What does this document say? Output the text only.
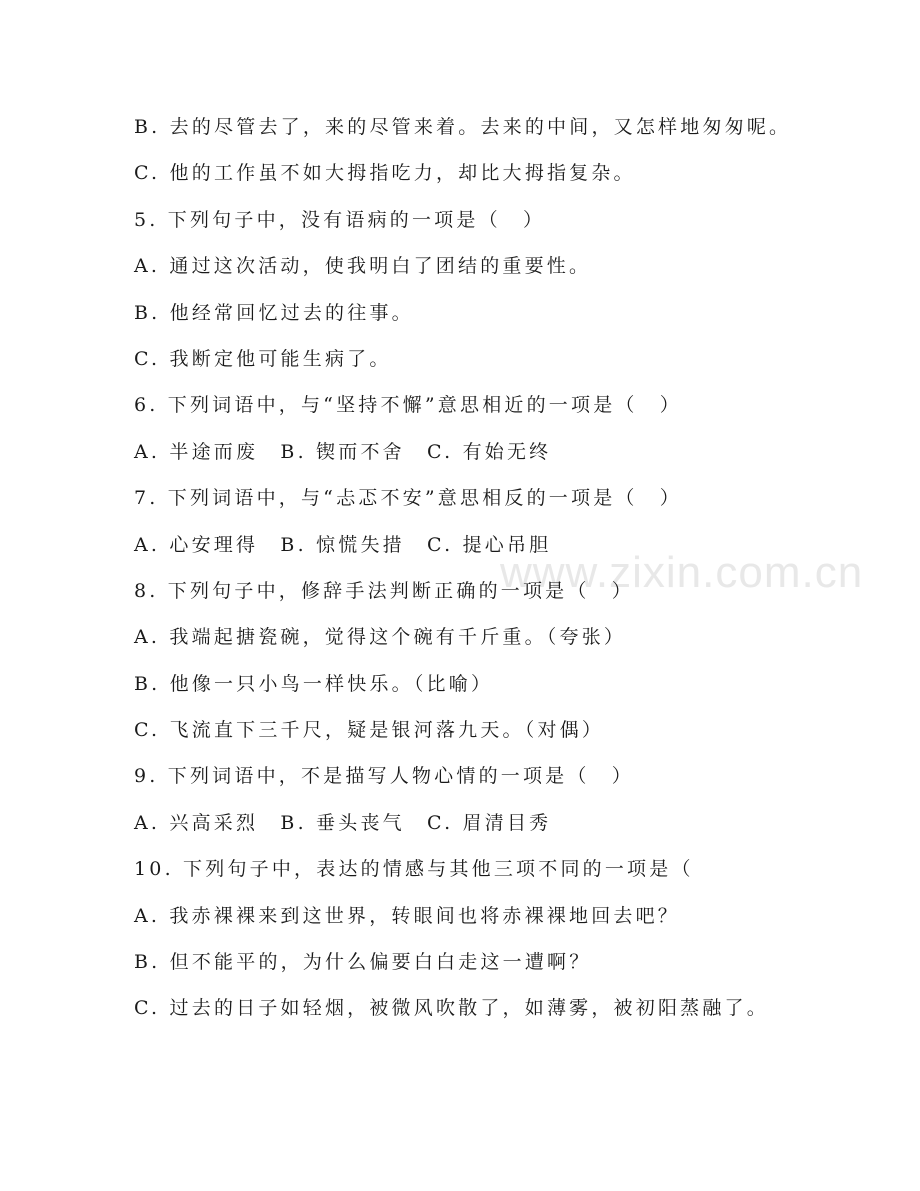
www.zixin.com.cn
B. 去的尽管去了，来的尽管来着。去来的中间，又怎样地匆匆呢。
C. 他的工作虽不如大拇指吃力，却比大拇指复杂。
5. 下列句子中，没有语病的一项是（　）
A. 通过这次活动，使我明白了团结的重要性。
B. 他经常回忆过去的往事。
C. 我断定他可能生病了。
6. 下列词语中，与“坚持不懈”意思相近的一项是（　）
A. 半途而废　B. 锲而不舍　C. 有始无终
7. 下列词语中，与“忐忑不安”意思相反的一项是（　）
A. 心安理得　B. 惊慌失措　C. 提心吊胆
8. 下列句子中，修辞手法判断正确的一项是（　）
A. 我端起搪瓷碗，觉得这个碗有千斤重。（夸张）
B. 他像一只小鸟一样快乐。（比喻）
C. 飞流直下三千尺，疑是银河落九天。（对偶）
9. 下列词语中，不是描写人物心情的一项是（　）
A. 兴高采烈　B. 垂头丧气　C. 眉清目秀
10. 下列句子中，表达的情感与其他三项不同的一项是（
A. 我赤裸裸来到这世界，转眼间也将赤裸裸地回去吧？
B. 但不能平的，为什么偏要白白走这一遭啊？
C. 过去的日子如轻烟，被微风吹散了，如薄雾，被初阳蒸融了。
